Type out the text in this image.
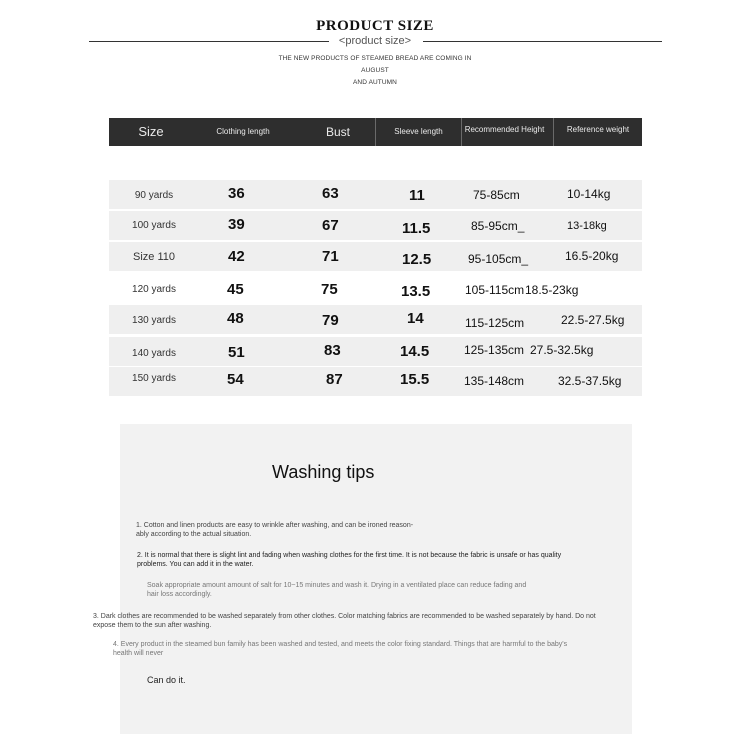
PRODUCT SIZE
<product size>
THE NEW PRODUCTS OF STEAMED BREAD ARE COMING IN AUGUST
AND AUTUMN
Size	Clothing length	Bust	Sleeve length	Recommended Height	Reference weight
90 yards	36	63	11	75-85cm	10-14kg
100 yards	39	67	11.5	85-95cm_	13-18kg
Size 110	42	71	12.5	95-105cm_	16.5-20kg
120 yards	45	75	13.5	105-115cm 18.5-23kg
130 yards	48	79	14	115-125cm	22.5-27.5kg
140 yards	51	83	14.5	125-135cm 27.5-32.5kg
150 yards	54	87	15.5	135-148cm	32.5-37.5kg
Washing tips
1. Cotton and linen products are easy to wrinkle after washing, and can be ironed reason-
ably according to the actual situation.
2. It is normal that there is slight lint and fading when washing clothes for the first time. It is not because the fabric is unsafe or has quality
problems. You can add it in the water.
Soak appropriate amount amount of salt for 10~15 minutes and wash it. Drying in a ventilated place can reduce fading and
hair loss accordingly.
3. Dark clothes are recommended to be washed separately from other clothes. Color matching fabrics are recommended to be washed separately by hand. Do not
expose them to the sun after washing.
4. Every product in the steamed bun family has been washed and tested, and meets the color fixing standard. Things that are harmful to the baby's
health will never
Can do it.
